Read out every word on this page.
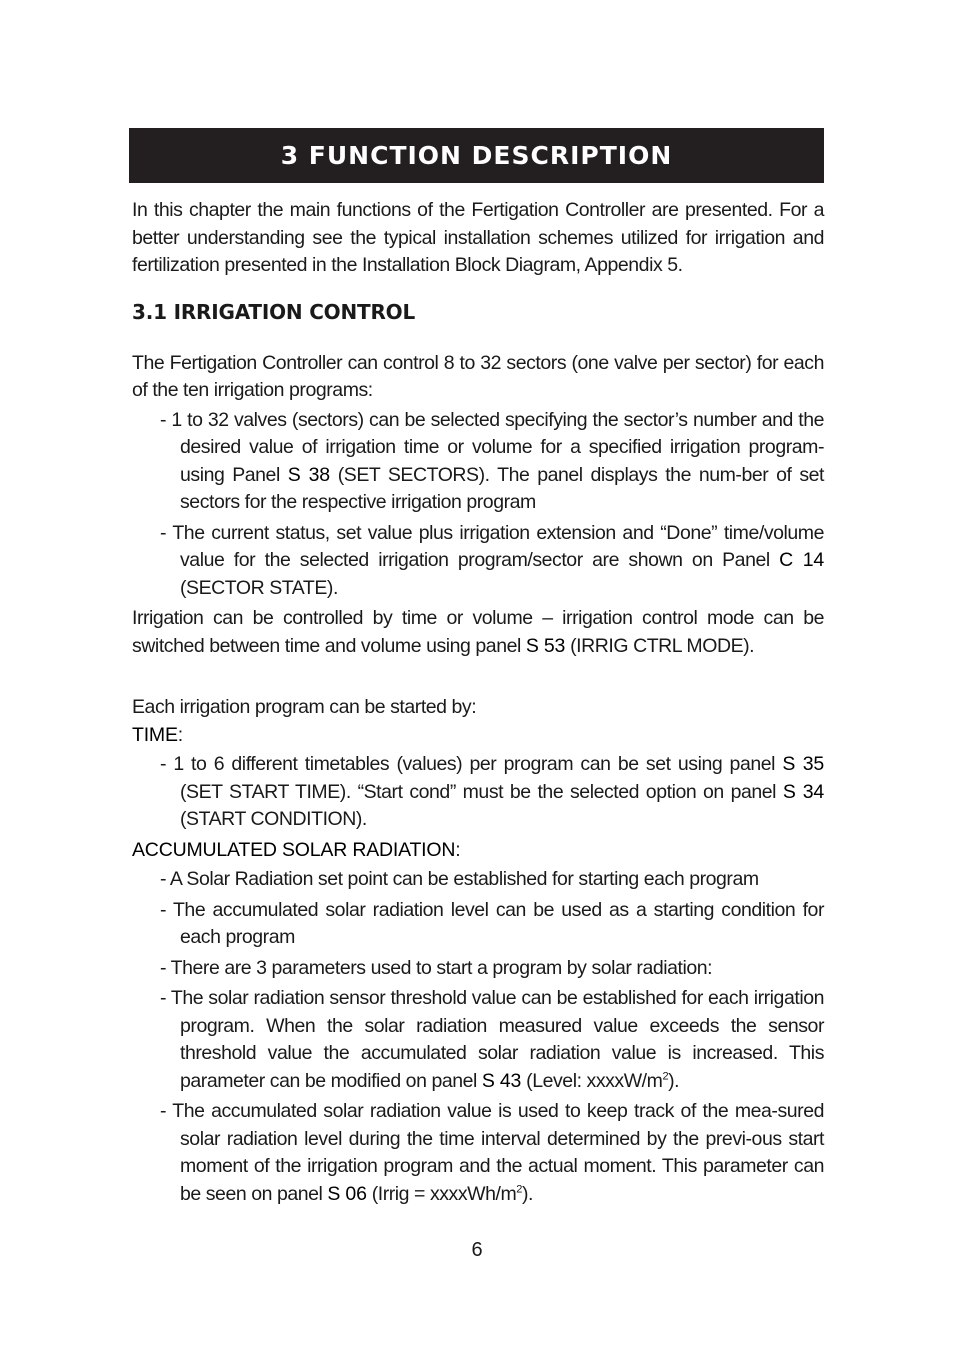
3 FUNCTION DESCRIPTION

In this chapter the main functions of the Fertigation Controller are presented. For a better understanding see the typical installation schemes utilized for irrigation and fertilization presented in the Installation Block Diagram, Appendix 5.

3.1 IRRIGATION CONTROL

The Fertigation Controller can control 8 to 32 sectors (one valve per sector) for each of the ten irrigation programs:

- 1 to 32 valves (sectors) can be selected specifying the sector’s number and the desired value of irrigation time or volume for a specified irrigation program-using Panel S 38 (SET SECTORS). The panel displays the num-ber of set sectors for the respective irrigation program
- The current status, set value plus irrigation extension and “Done” time/volume value for the selected irrigation program/sector are shown on Panel C 14 (SECTOR STATE).

Irrigation can be controlled by time or volume – irrigation control mode can be switched between time and volume using panel S 53 (IRRIG CTRL MODE).

Each irrigation program can be started by:

TIME:

- 1 to 6 different timetables (values) per program can be set using panel S 35 (SET START TIME). “Start cond” must be the selected option on panel S 34 (START CONDITION).

ACCUMULATED SOLAR RADIATION:

- A Solar Radiation set point can be established for starting each program
- The accumulated solar radiation level can be used as a starting condition for each program
- There are 3 parameters used to start a program by solar radiation:
- The solar radiation sensor threshold value can be established for each irrigation program. When the solar radiation measured value exceeds the sensor threshold value the accumulated solar radiation value is increased. This parameter can be modified on panel S 43 (Level: xxxxW/$m^2$).
- The accumulated solar radiation value is used to keep track of the mea-sured solar radiation level during the time interval determined by the previ-ous start moment of the irrigation program and the actual moment. This parameter can be seen on panel S 06 (Irrig = xxxxWh/$m^2$).
6
